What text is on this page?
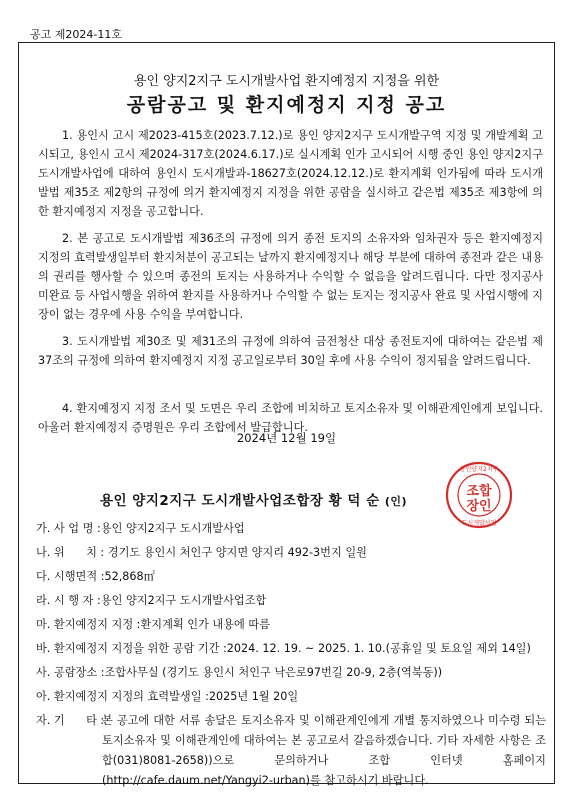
공고 제2024-11호
용인 양지2지구 도시개발사업 환지예정지 지정을 위한
공람공고 및 환지예정지 지정 공고
1. 용인시 고시 제2023-415호(2023.7.12.)로 용인 양지2지구 도시개발구역 지정 및 개발계획 고시되고, 용인시 고시 제2024-317호(2024.6.17.)로 실시계획 인가 고시되어 시행 중인 용인 양지2지구 도시개발사업에 대하여 용인시 도시개발과-18627호(2024.12.12.)로 환지계획 인가됨에 따라 도시개발법 제35조 제2항의 규정에 의거 환지예정지 지정을 위한 공람을 실시하고 같은법 제35조 제3항에 의한 환지예정지 지정을 공고합니다.
2. 본 공고로 도시개발법 제36조의 규정에 의거 종전 토지의 소유자와 임차권자 등은 환지예정지 지정의 효력발생일부터 환지처분이 공고되는 날까지 환지예정지나 해당 부분에 대하여 종전과 같은 내용의 권리를 행사할 수 있으며 종전의 토지는 사용하거나 수익할 수 없음을 알려드립니다. 다만 정지공사 미완료 등 사업시행을 위하여 환지를 사용하거나 수익할 수 없는 토지는 정지공사 완료 및 사업시행에 지장이 없는 경우에 사용 수익을 부여합니다.
3. 도시개발법 제30조 및 제31조의 규정에 의하여 금전청산 대상 종전토지에 대하여는 같은법 제37조의 규정에 의하여 환지예정지 지정 공고일로부터 30일 후에 사용 수익이 정지됨을 알려드립니다.
4. 환지예정지 지정 조서 및 도면은 우리 조합에 비치하고 토지소유자 및 이해관계인에게 보입니다. 아울러 환지예정지 증명원은 우리 조합에서 발급합니다.
.
2024년 12월 19일
용인 양지2지구 도시개발사업조합장 황 덕 순 (인)
조합
장인
용인양지2지구
도시개발사업
가. 사 업 명 : 용인 양지2지구 도시개발사업
나. 위      치 : 경기도 용인시 처인구 양지면 양지리 492-3번지 일원
다. 시행면적 : 52,868㎡
라. 시 행 자 : 용인 양지2지구 도시개발사업조합
마. 환지예정지 지정 : 환지계획 인가 내용에 따름
바. 환지예정지 지정을 위한 공람 기간 : 2024. 12. 19. ~ 2025. 1. 10.(공휴일 및 토요일 제외 14일)
사. 공람장소 : 조합사무실 (경기도 용인시 처인구 낙은로97번길 20-9, 2층(역북동))
아. 환지예정지 지정의 효력발생일 : 2025년 1월 20일
자. 기      타 :
본 공고에 대한 서류 송달은 토지소유자 및 이해관계인에게 개별 통지하였으나 미수령 되는 토지소유자 및 이해관계인에 대하여는 본 공고로서 갈음하겠습니다. 기타 자세한 사항은 조합(031)8081-2658))으로 문의하거나 조합 인터넷 홈페이지(http://cafe.daum.net/Yangyi2-urban)를 참고하시기 바랍니다.
